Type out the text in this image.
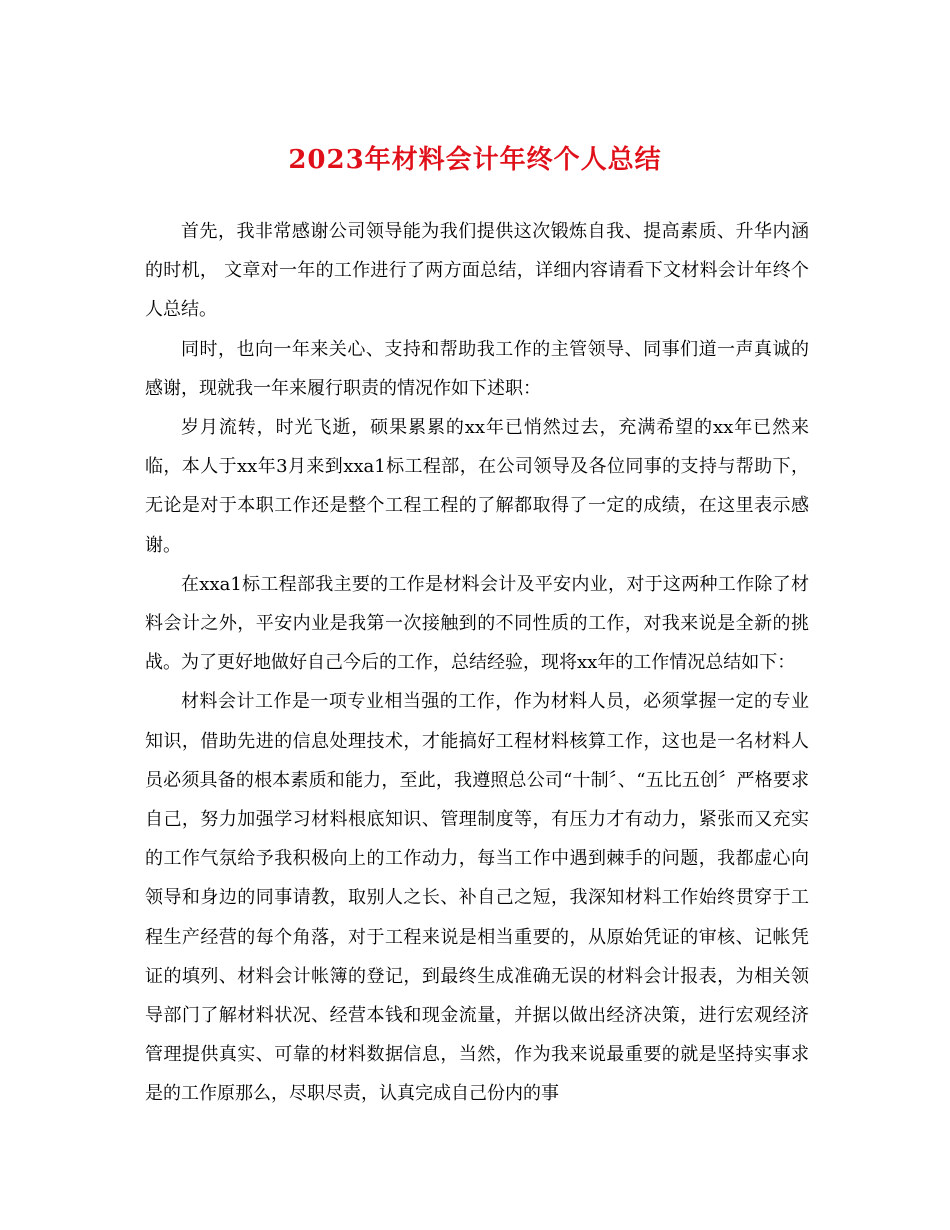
2023年材料会计年终个人总结

首先，我非常感谢公司领导能为我们提供这次锻炼自我、提高素质、升华内涵的时机， 文章对一年的工作进行了两方面总结，详细内容请看下文材料会计年终个人总结。

同时，也向一年来关心、支持和帮助我工作的主管领导、同事们道一声真诚的感谢，现就我一年来履行职责的情况作如下述职：

岁月流转，时光飞逝，硕果累累的xx年已悄然过去，充满希望的xx年已然来临，本人于xx年3月来到xxa1标工程部，在公司领导及各位同事的支持与帮助下，无论是对于本职工作还是整个工程工程的了解都取得了一定的成绩，在这里表示感谢。

在xxa1标工程部我主要的工作是材料会计及平安内业，对于这两种工作除了材料会计之外，平安内业是我第一次接触到的不同性质的工作，对我来说是全新的挑战。为了更好地做好自己今后的工作，总结经验，现将xx年的工作情况总结如下：

材料会计工作是一项专业相当强的工作，作为材料人员，必须掌握一定的专业知识，借助先进的信息处理技术，才能搞好工程材料核算工作，这也是一名材料人员必须具备的根本素质和能力，至此，我遵照总公司“十制〞、“五比五创〞严格要求自己，努力加强学习材料根底知识、管理制度等，有压力才有动力，紧张而又充实的工作气氛给予我积极向上的工作动力，每当工作中遇到棘手的问题，我都虚心向领导和身边的同事请教，取别人之长、补自己之短，我深知材料工作始终贯穿于工程生产经营的每个角落，对于工程来说是相当重要的，从原始凭证的审核、记帐凭证的填列、材料会计帐簿的登记，到最终生成准确无误的材料会计报表，为相关领导部门了解材料状况、经营本钱和现金流量，并据以做出经济决策，进行宏观经济管理提供真实、可靠的材料数据信息，当然，作为我来说最重要的就是坚持实事求是的工作原那么，尽职尽责，认真完成自己份内的事
